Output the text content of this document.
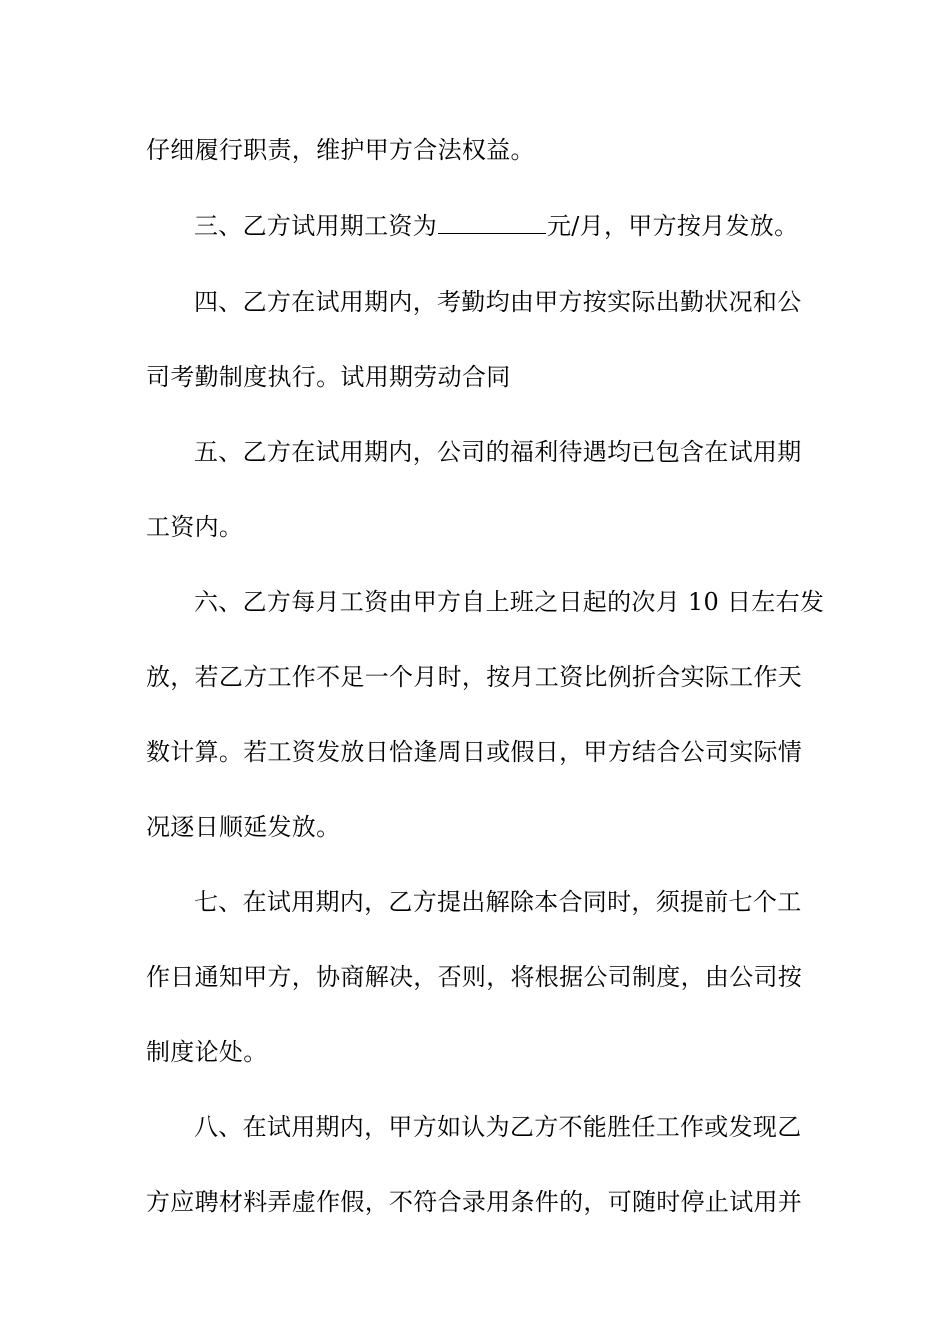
仔细履行职责，维护甲方合法权益。
三、乙方试用期工资为	元/月，甲方按月发放。
四、乙方在试用期内，考勤均由甲方按实际出勤状况和公
司考勤制度执行。试用期劳动合同
五、乙方在试用期内，公司的福利待遇均已包含在试用期
工资内。
六、乙方每月工资由甲方自上班之日起的次月 10 日左右发
放，若乙方工作不足一个月时，按月工资比例折合实际工作天
数计算。若工资发放日恰逢周日或假日，甲方结合公司实际情
况逐日顺延发放。
七、在试用期内，乙方提出解除本合同时，须提前七个工
作日通知甲方，协商解决，否则，将根据公司制度，由公司按
制度论处。
八、在试用期内，甲方如认为乙方不能胜任工作或发现乙
方应聘材料弄虚作假，不符合录用条件的，可随时停止试用并
